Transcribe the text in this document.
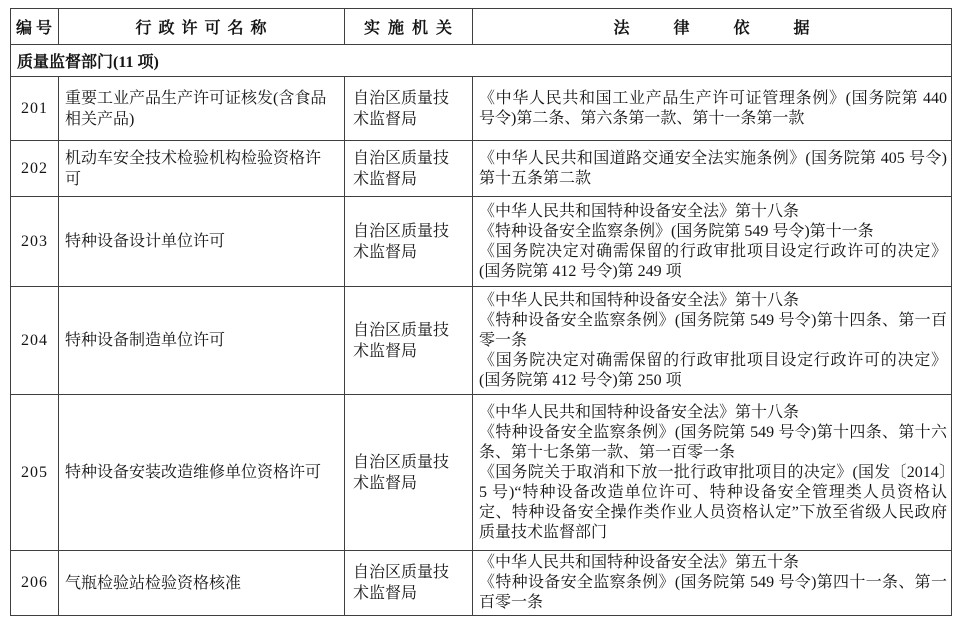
编号	行政许可名称	实施机关	法律依据
质量监督部门(11 项)			
201	重要工业产品生产许可证核发(含食品相关产品)	自治区质量技术监督局	《中华人民共和国工业产品生产许可证管理条例》(国务院第 440 号令)第二条、第六条第一款、第十一条第一款

202	机动车安全技术检验机构检验资格许可	自治区质量技术监督局	《中华人民共和国道路交通安全法实施条例》(国务院第 405 号令)第十五条第二款

203	特种设备设计单位许可	自治区质量技术监督局	《中华人民共和国特种设备安全法》第十八条
《特种设备安全监察条例》(国务院第 549 号令)第十一条
《国务院决定对确需保留的行政审批项目设定行政许可的决定》(国务院第 412 号令)第 249 项

204	特种设备制造单位许可	自治区质量技术监督局	《中华人民共和国特种设备安全法》第十八条
《特种设备安全监察条例》(国务院第 549 号令)第十四条、第一百零一条
《国务院决定对确需保留的行政审批项目设定行政许可的决定》(国务院第 412 号令)第 250 项

205	特种设备安装改造维修单位资格许可	自治区质量技术监督局	《中华人民共和国特种设备安全法》第十八条
《特种设备安全监察条例》(国务院第 549 号令)第十四条、第十六条、第十七条第一款、第一百零一条
《国务院关于取消和下放一批行政审批项目的决定》(国发〔2014〕5 号)“特种设备改造单位许可、特种设备安全管理类人员资格认定、特种设备安全操作类作业人员资格认定”下放至省级人民政府质量技术监督部门

206	气瓶检验站检验资格核准	自治区质量技术监督局	《中华人民共和国特种设备安全法》第五十条
《特种设备安全监察条例》(国务院第 549 号令)第四十一条、第一百零一条
